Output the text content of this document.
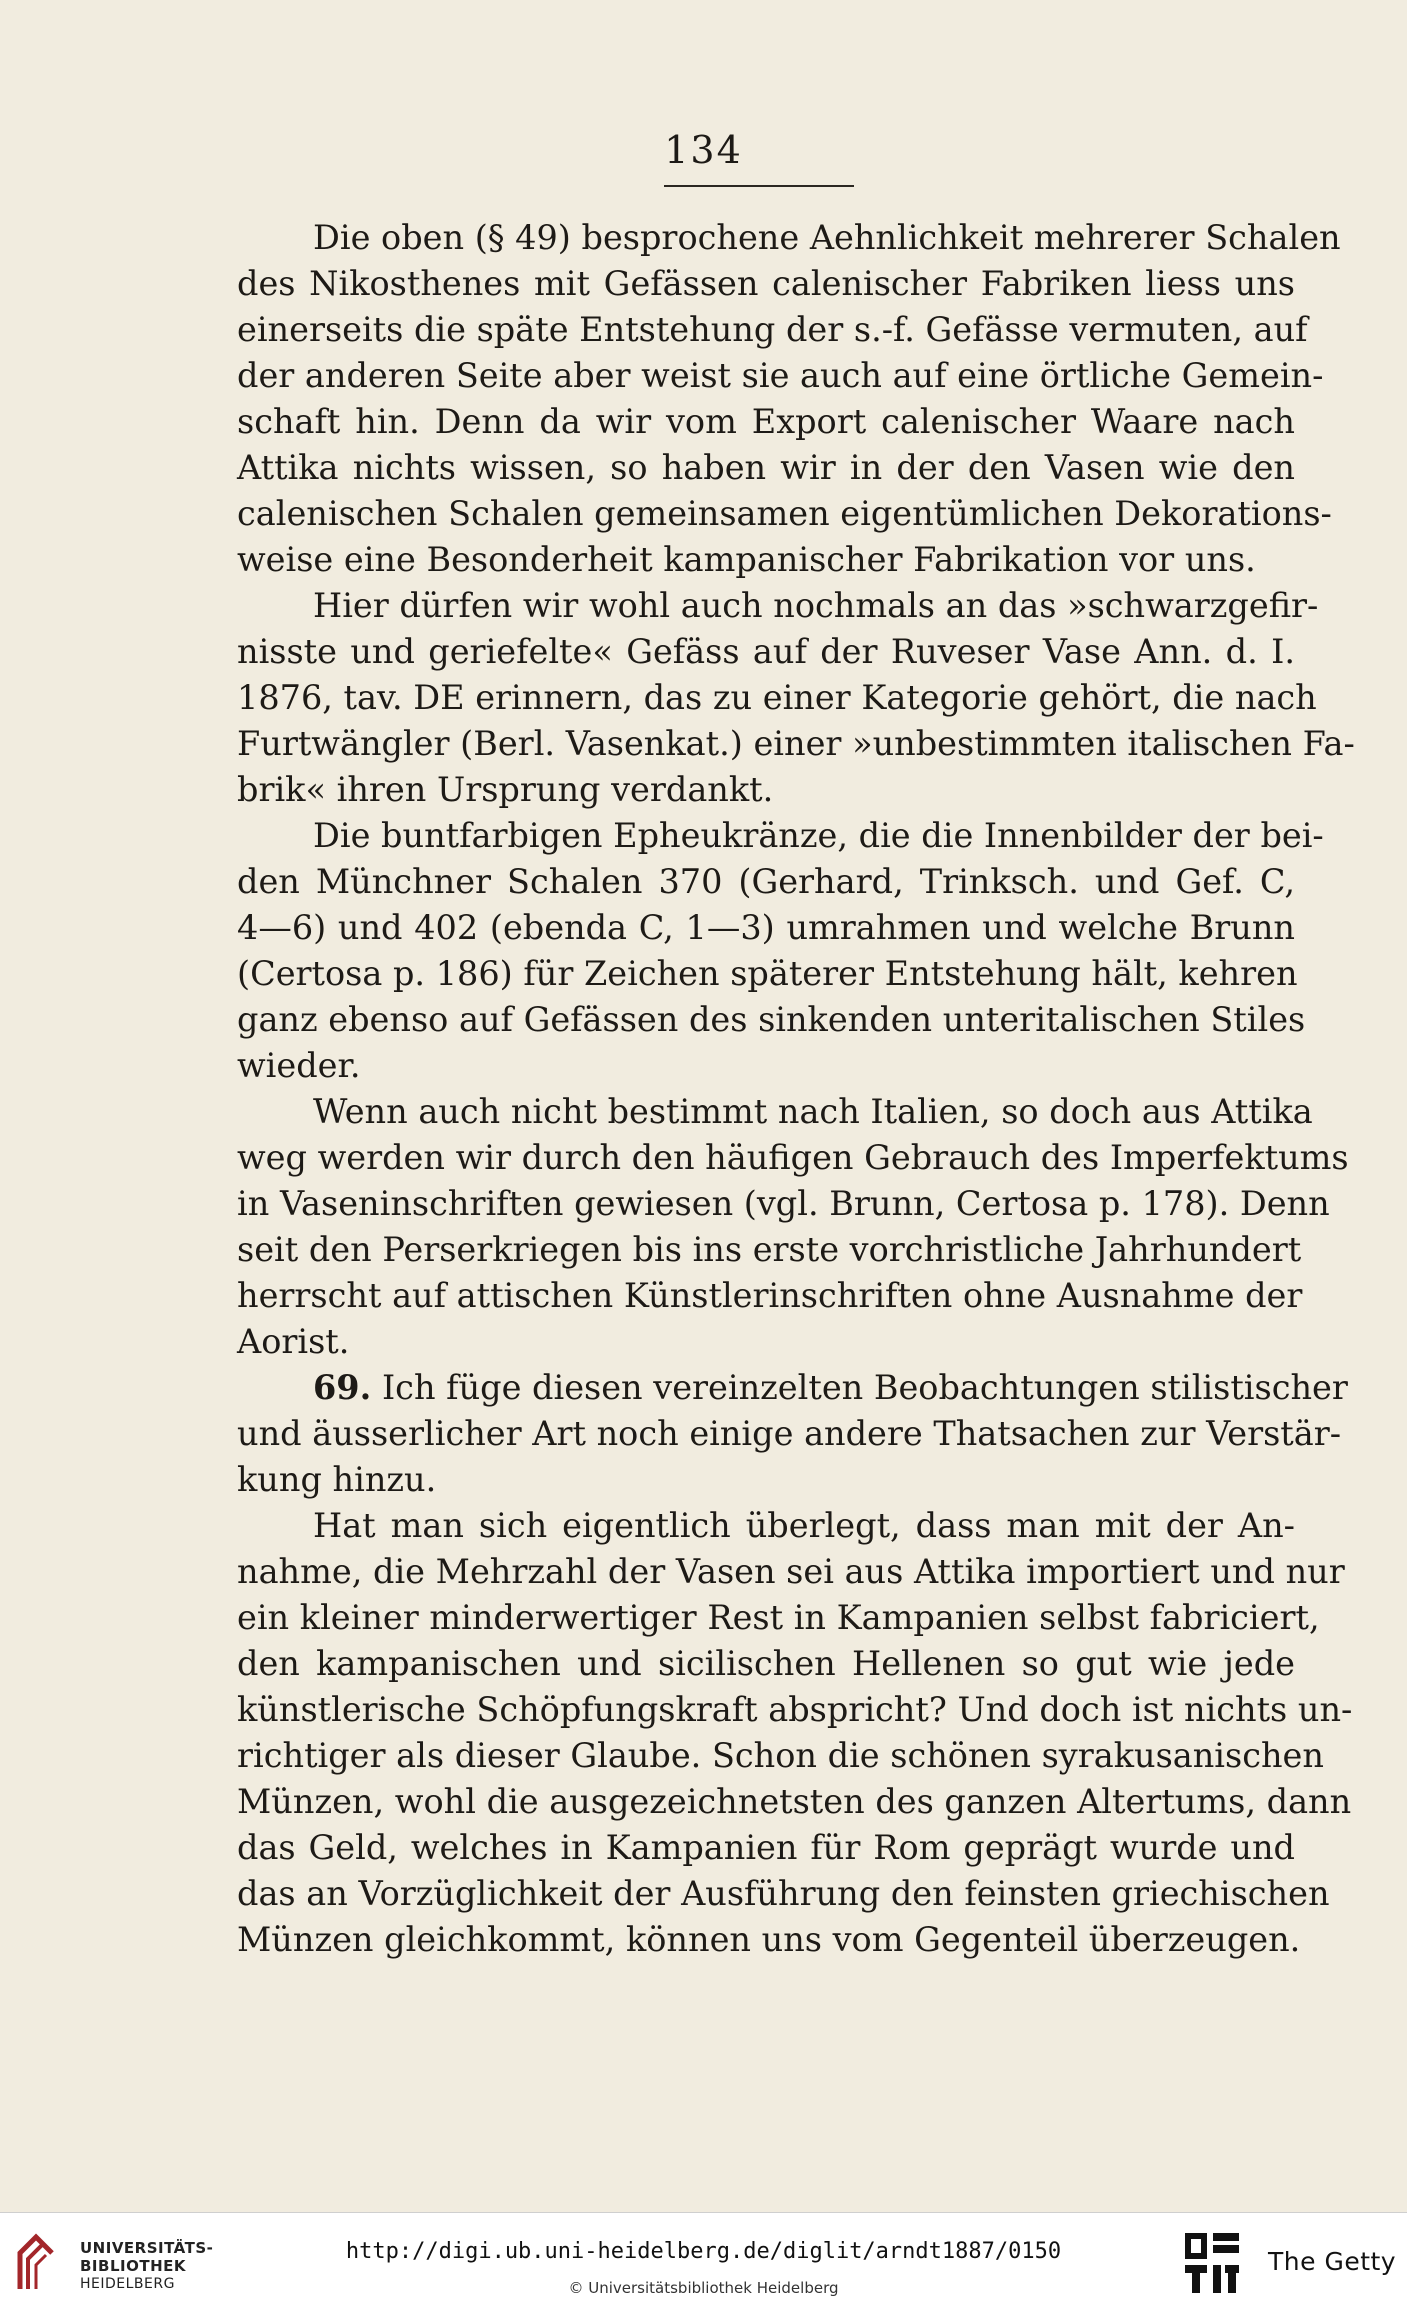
134
Die oben (§ 49) besprochene Aehnlichkeit mehrerer Schalen
des Nikosthenes mit Gefässen calenischer Fabriken liess uns
einerseits die späte Entstehung der s.-f. Gefässe vermuten, auf
der anderen Seite aber weist sie auch auf eine örtliche Gemein-
schaft hin. Denn da wir vom Export calenischer Waare nach
Attika nichts wissen, so haben wir in der den Vasen wie den
calenischen Schalen gemeinsamen eigentümlichen Dekorations-
weise eine Besonderheit kampanischer Fabrikation vor uns.
Hier dürfen wir wohl auch nochmals an das »schwarzgefir-
nisste und geriefelte« Gefäss auf der Ruveser Vase Ann. d. I.
1876, tav. DE erinnern, das zu einer Kategorie gehört, die nach
Furtwängler (Berl. Vasenkat.) einer »unbestimmten italischen Fa-
brik« ihren Ursprung verdankt.
Die buntfarbigen Epheukränze, die die Innenbilder der bei-
den Münchner Schalen 370 (Gerhard, Trinksch. und Gef. C,
4—6) und 402 (ebenda C, 1—3) umrahmen und welche Brunn
(Certosa p. 186) für Zeichen späterer Entstehung hält, kehren
ganz ebenso auf Gefässen des sinkenden unteritalischen Stiles
wieder.
Wenn auch nicht bestimmt nach Italien, so doch aus Attika
weg werden wir durch den häufigen Gebrauch des Imperfektums
in Vaseninschriften gewiesen (vgl. Brunn, Certosa p. 178). Denn
seit den Perserkriegen bis ins erste vorchristliche Jahrhundert
herrscht auf attischen Künstlerinschriften ohne Ausnahme der
Aorist.
69. Ich füge diesen vereinzelten Beobachtungen stilistischer
und äusserlicher Art noch einige andere Thatsachen zur Verstär-
kung hinzu.
Hat man sich eigentlich überlegt, dass man mit der An-
nahme, die Mehrzahl der Vasen sei aus Attika importiert und nur
ein kleiner minderwertiger Rest in Kampanien selbst fabriciert,
den kampanischen und sicilischen Hellenen so gut wie jede
künstlerische Schöpfungskraft abspricht? Und doch ist nichts un-
richtiger als dieser Glaube. Schon die schönen syrakusanischen
Münzen, wohl die ausgezeichnetsten des ganzen Altertums, dann
das Geld, welches in Kampanien für Rom geprägt wurde und
das an Vorzüglichkeit der Ausführung den feinsten griechischen
Münzen gleichkommt, können uns vom Gegenteil überzeugen.
UNIVERSITÄTS-
BIBLIOTHEK
HEIDELBERG
http://digi.ub.uni-heidelberg.de/diglit/arndt1887/0150
© Universitätsbibliothek Heidelberg
The Getty
